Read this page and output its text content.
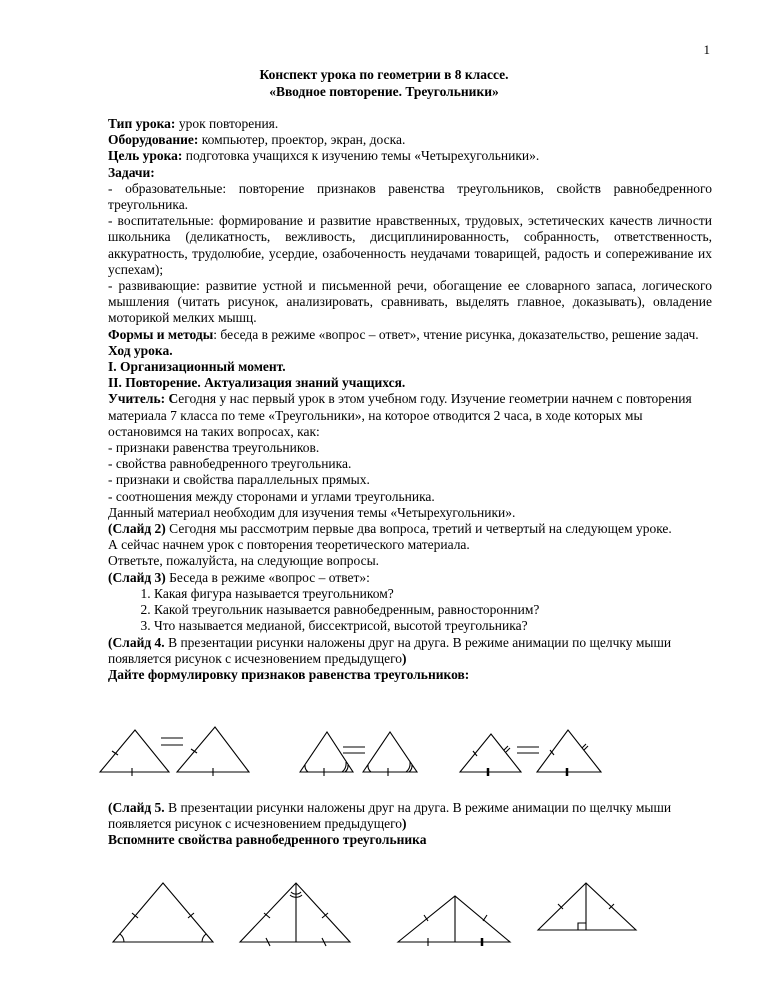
1
Конспект урока по геометрии в 8 классе.
«Вводное повторение. Треугольники»

Тип урока: урок повторения.

Оборудование: компьютер, проектор, экран, доска.

Цель урока: подготовка учащихся к изучению темы «Четырехугольники».

Задачи:

- образовательные: повторение признаков равенства треугольников, свойств равнобедренного треугольника.

- воспитательные: формирование и развитие нравственных, трудовых, эстетических качеств личности школьника (деликатность, вежливость, дисциплинированность, собранность, ответственность, аккуратность, трудолюбие, усердие, озабоченность неудачами товарищей, радость и сопереживание их успехам);

- развивающие: развитие устной и письменной речи, обогащение ее словарного запаса, логического мышления (читать рисунок, анализировать, сравнивать, выделять главное, доказывать), овладение моторикой мелких мышц.

Формы и методы: беседа в режиме «вопрос – ответ», чтение рисунка, доказательство, решение задач.

Ход урока.

I. Организационный момент.

II. Повторение. Актуализация знаний учащихся.

Учитель: Сегодня у нас первый урок в этом учебном году. Изучение геометрии начнем с повторения материала 7 класса по теме «Треугольники», на которое отводится 2 часа, в ходе которых мы остановимся на таких вопросах, как:

- признаки равенства треугольников.

- свойства равнобедренного треугольника.

- признаки и свойства параллельных прямых.

- соотношения между сторонами и углами треугольника.

Данный материал необходим для изучения темы «Четырехугольники».

(Слайд 2) Сегодня мы рассмотрим первые два вопроса, третий и четвертый на следующем уроке.

А сейчас начнем урок с повторения теоретического материала.

Ответьте, пожалуйста, на следующие вопросы.

(Слайд 3) Беседа в режиме «вопрос – ответ»:

1. Какая фигура называется треугольником?
2. Какой треугольник называется равнобедренным, равносторонним?
3. Что называется медианой, биссектрисой, высотой треугольника?

(Слайд 4. В презентации рисунки наложены друг на друга. В режиме анимации по щелчку мыши появляется рисунок с исчезновением предыдущего)

Дайте формулировку признаков равенства треугольников:

(Слайд 5. В презентации рисунки наложены друг на друга. В режиме анимации по щелчку мыши появляется рисунок с исчезновением предыдущего)

Вспомните свойства равнобедренного треугольника
